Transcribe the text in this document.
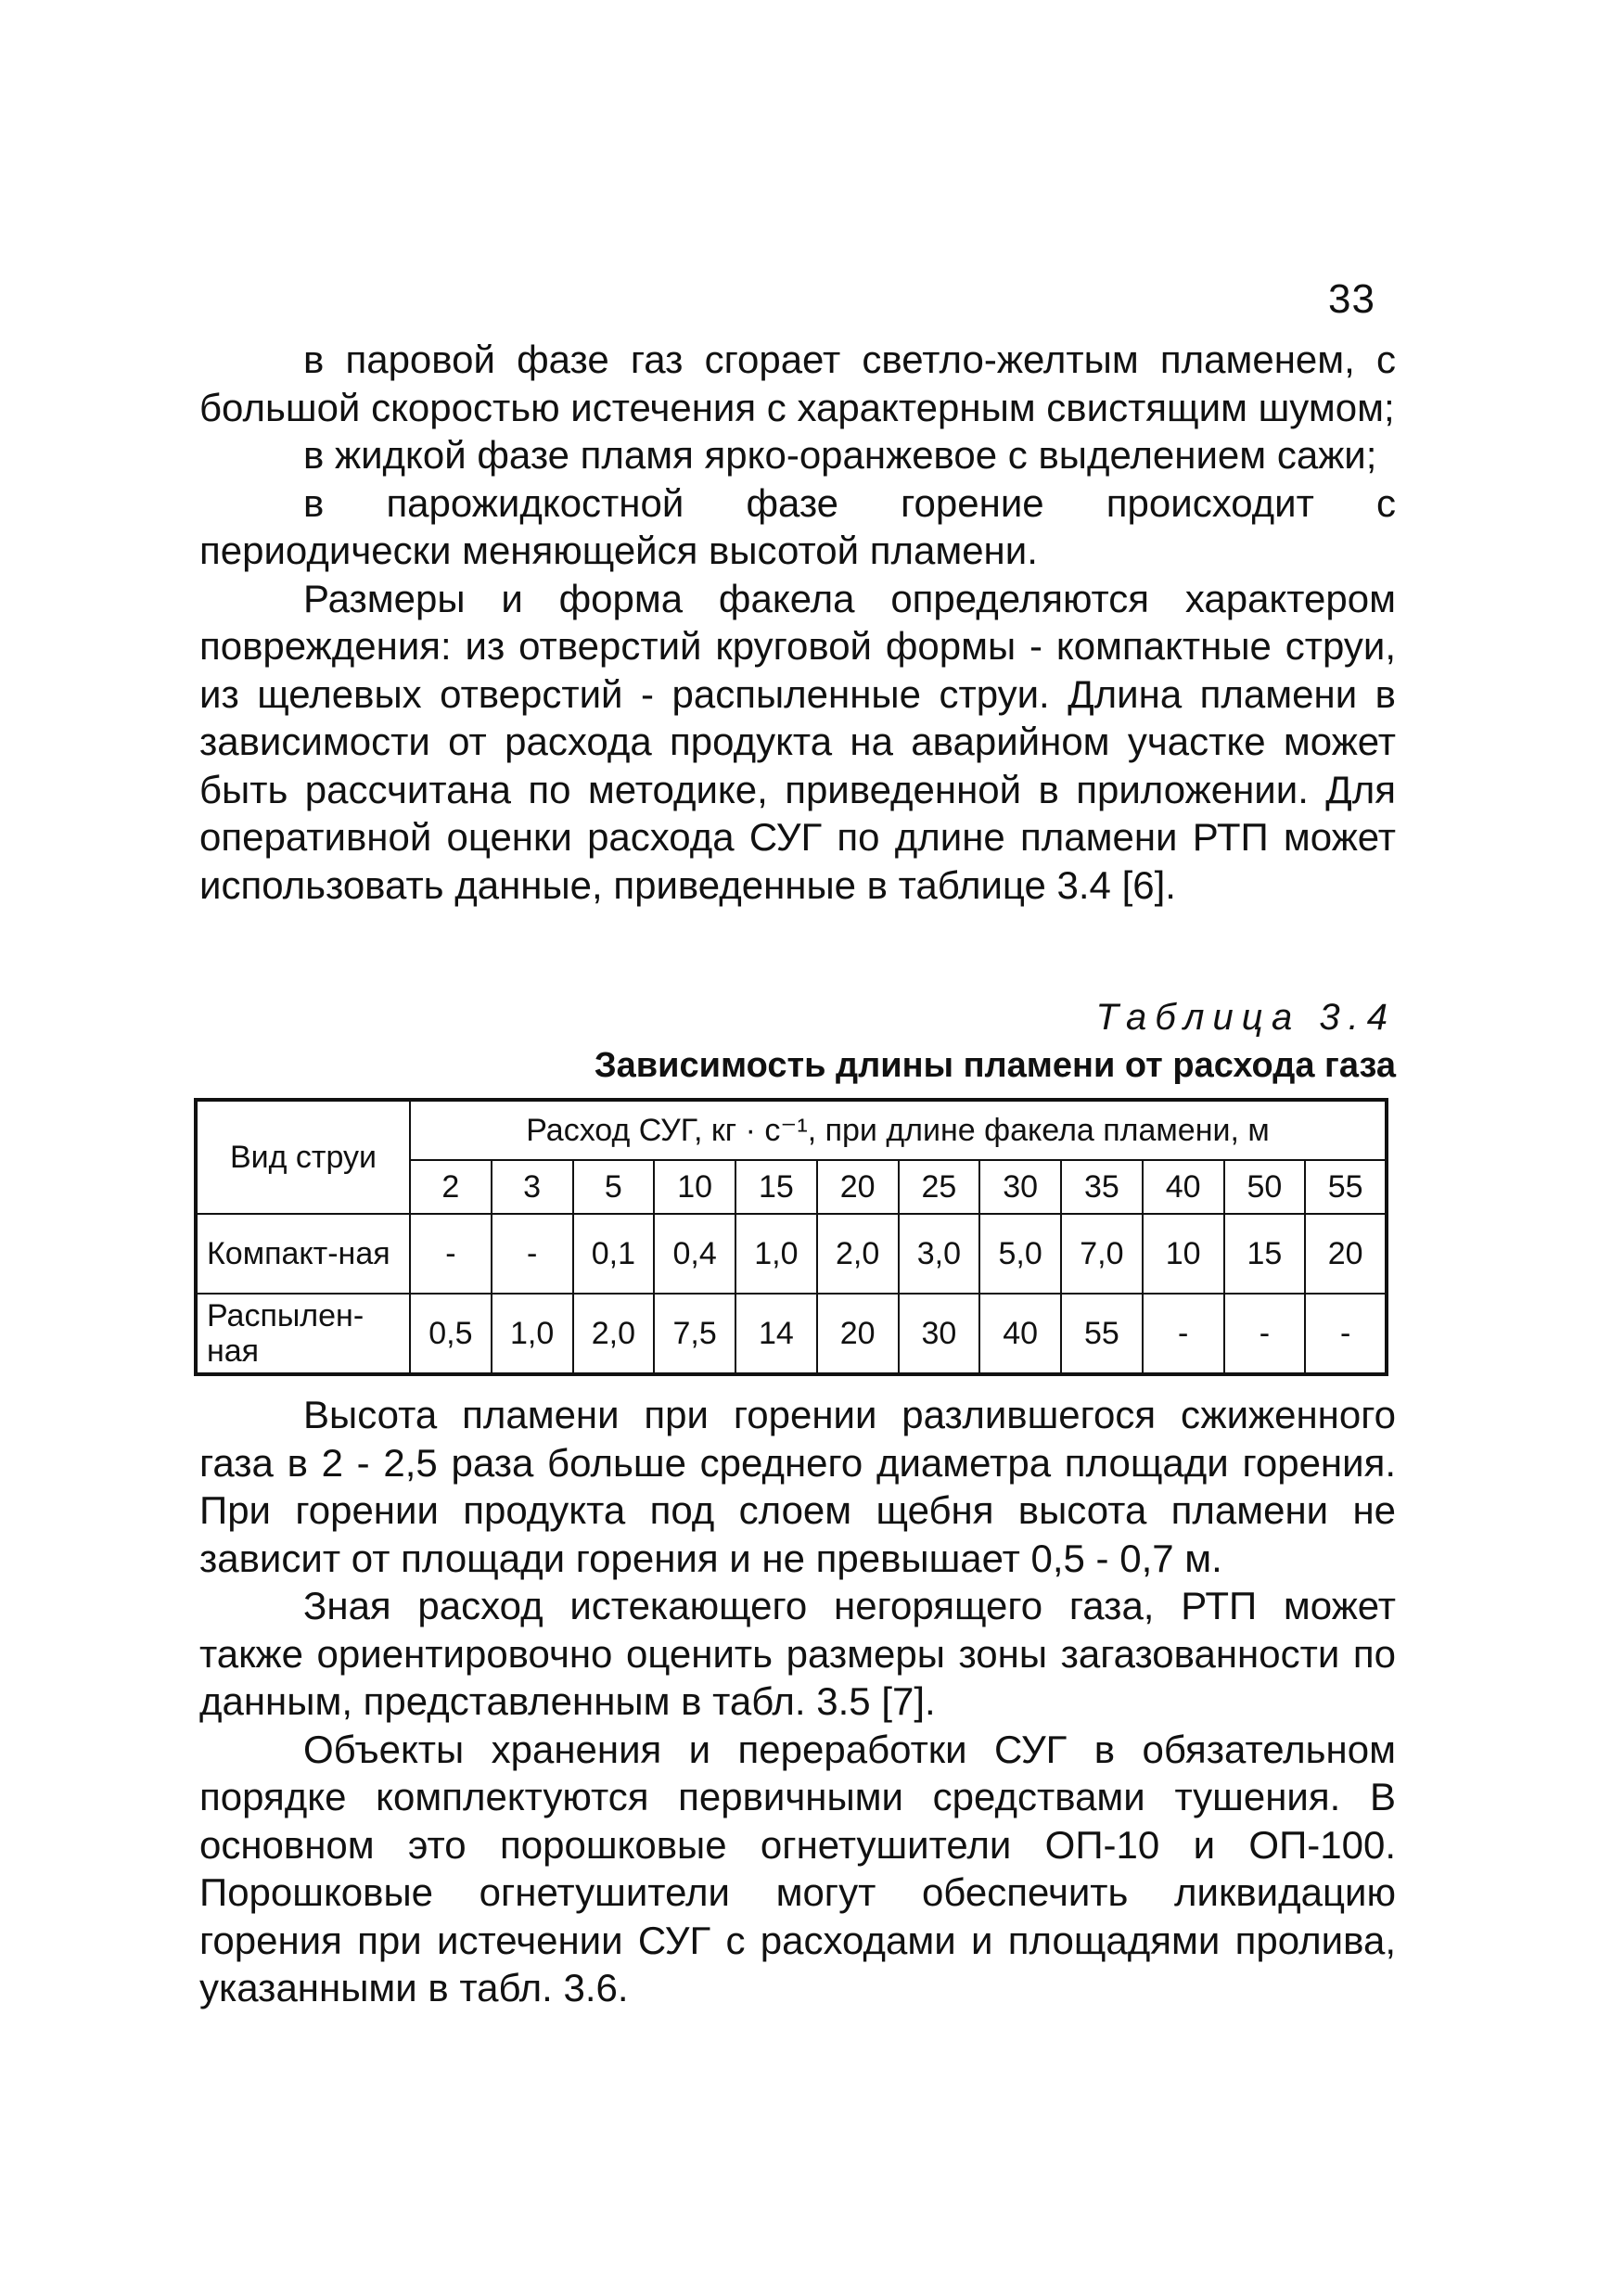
33

в паровой фазе газ сгорает светло-желтым пламенем, с большой скоростью истечения с характерным свистящим шумом;

в жидкой фазе пламя ярко-оранжевое с выделением сажи;

в парожидкостной фазе горение происходит с периодически меняющейся высотой пламени.

Размеры и форма факела определяются характером повреждения: из отверстий круговой формы - компактные струи, из щелевых отверстий - распыленные струи. Длина пламени в зависимости от расхода продукта на аварийном участке может быть рассчитана по методике, приведенной в приложении. Для оперативной оценки расхода СУГ по длине пламени РТП может использовать данные, приведенные в таблице 3.4 [6].

Таблица 3.4
Зависимость длины пламени от расхода газа
Вид струи	Расход СУГ, кг · с⁻¹, при длине факела пламени, м											
	2	3	5	10	15	20	25	30	35	40	50	55
Компакт-ная	-	-	0,1	0,4	1,0	2,0	3,0	5,0	7,0	10	15	20
Распылен-ная	0,5	1,0	2,0	7,5	14	20	30	40	55	-	-	-

Высота пламени при горении разлившегося сжиженного газа в 2 - 2,5 раза больше среднего диаметра площади горения. При горении продукта под слоем щебня высота пламени не зависит от площади горения и не превышает 0,5 - 0,7 м.

Зная расход истекающего негорящего газа, РТП может также ориентировочно оценить размеры зоны загазованности по данным, представленным в табл. 3.5 [7].

Объекты хранения и переработки СУГ в обязательном порядке комплектуются первичными средствами тушения. В основном это порошковые огнетушители ОП-10 и ОП-100. Порошковые огнетушители могут обеспечить ликвидацию горения при истечении СУГ с расходами и площадями пролива, указанными в табл. 3.6.
